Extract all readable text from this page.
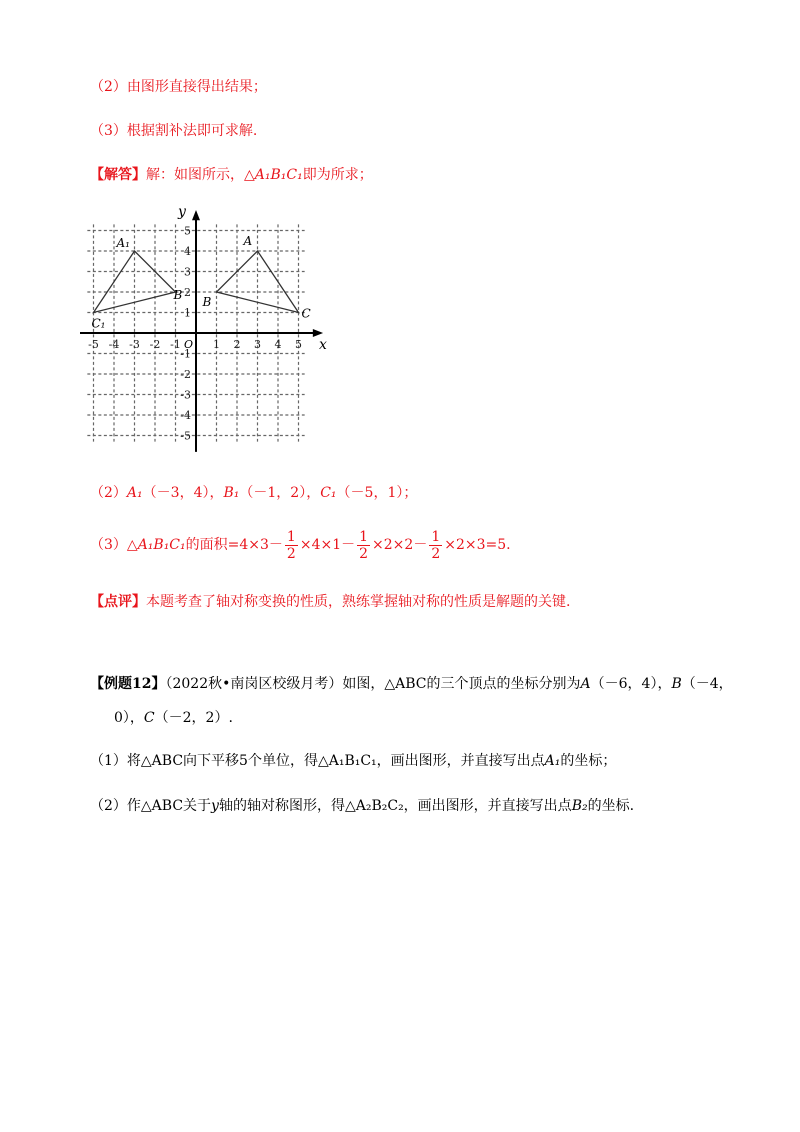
（2）由图形直接得出结果；
（3）根据割补法即可求解.
【解答】解：如图所示，△A₁B₁C₁即为所求；
x
y
O
-5 -4 -3 -2 -1	1 2 3 4 5
5
4
3
2
1
-1
-2
-3
-4
-5
A
B
C
A₁
B
C₁
（2）A₁（－3，4），B₁（－1，2），C₁（－5，1）；
（3）△A₁B₁C₁的面积$=4\times 3- \frac{1}{2} \times 4\times 1- \frac{1}{2} \times 2\times 2- \frac{1}{2} \times 2\times 3=5$.
【点评】本题考查了轴对称变换的性质，熟练掌握轴对称的性质是解题的关键.
【例题12】（2022秋•南岗区校级月考）如图，△ABC的三个顶点的坐标分别为A（－6，4），B（－4，
0），C（－2，2）.
（1）将△ABC向下平移5个单位，得△A₁B₁C₁，画出图形，并直接写出点A₁的坐标；
（2）作△ABC关于y轴的轴对称图形，得△A₂B₂C₂，画出图形，并直接写出点B₂的坐标.
